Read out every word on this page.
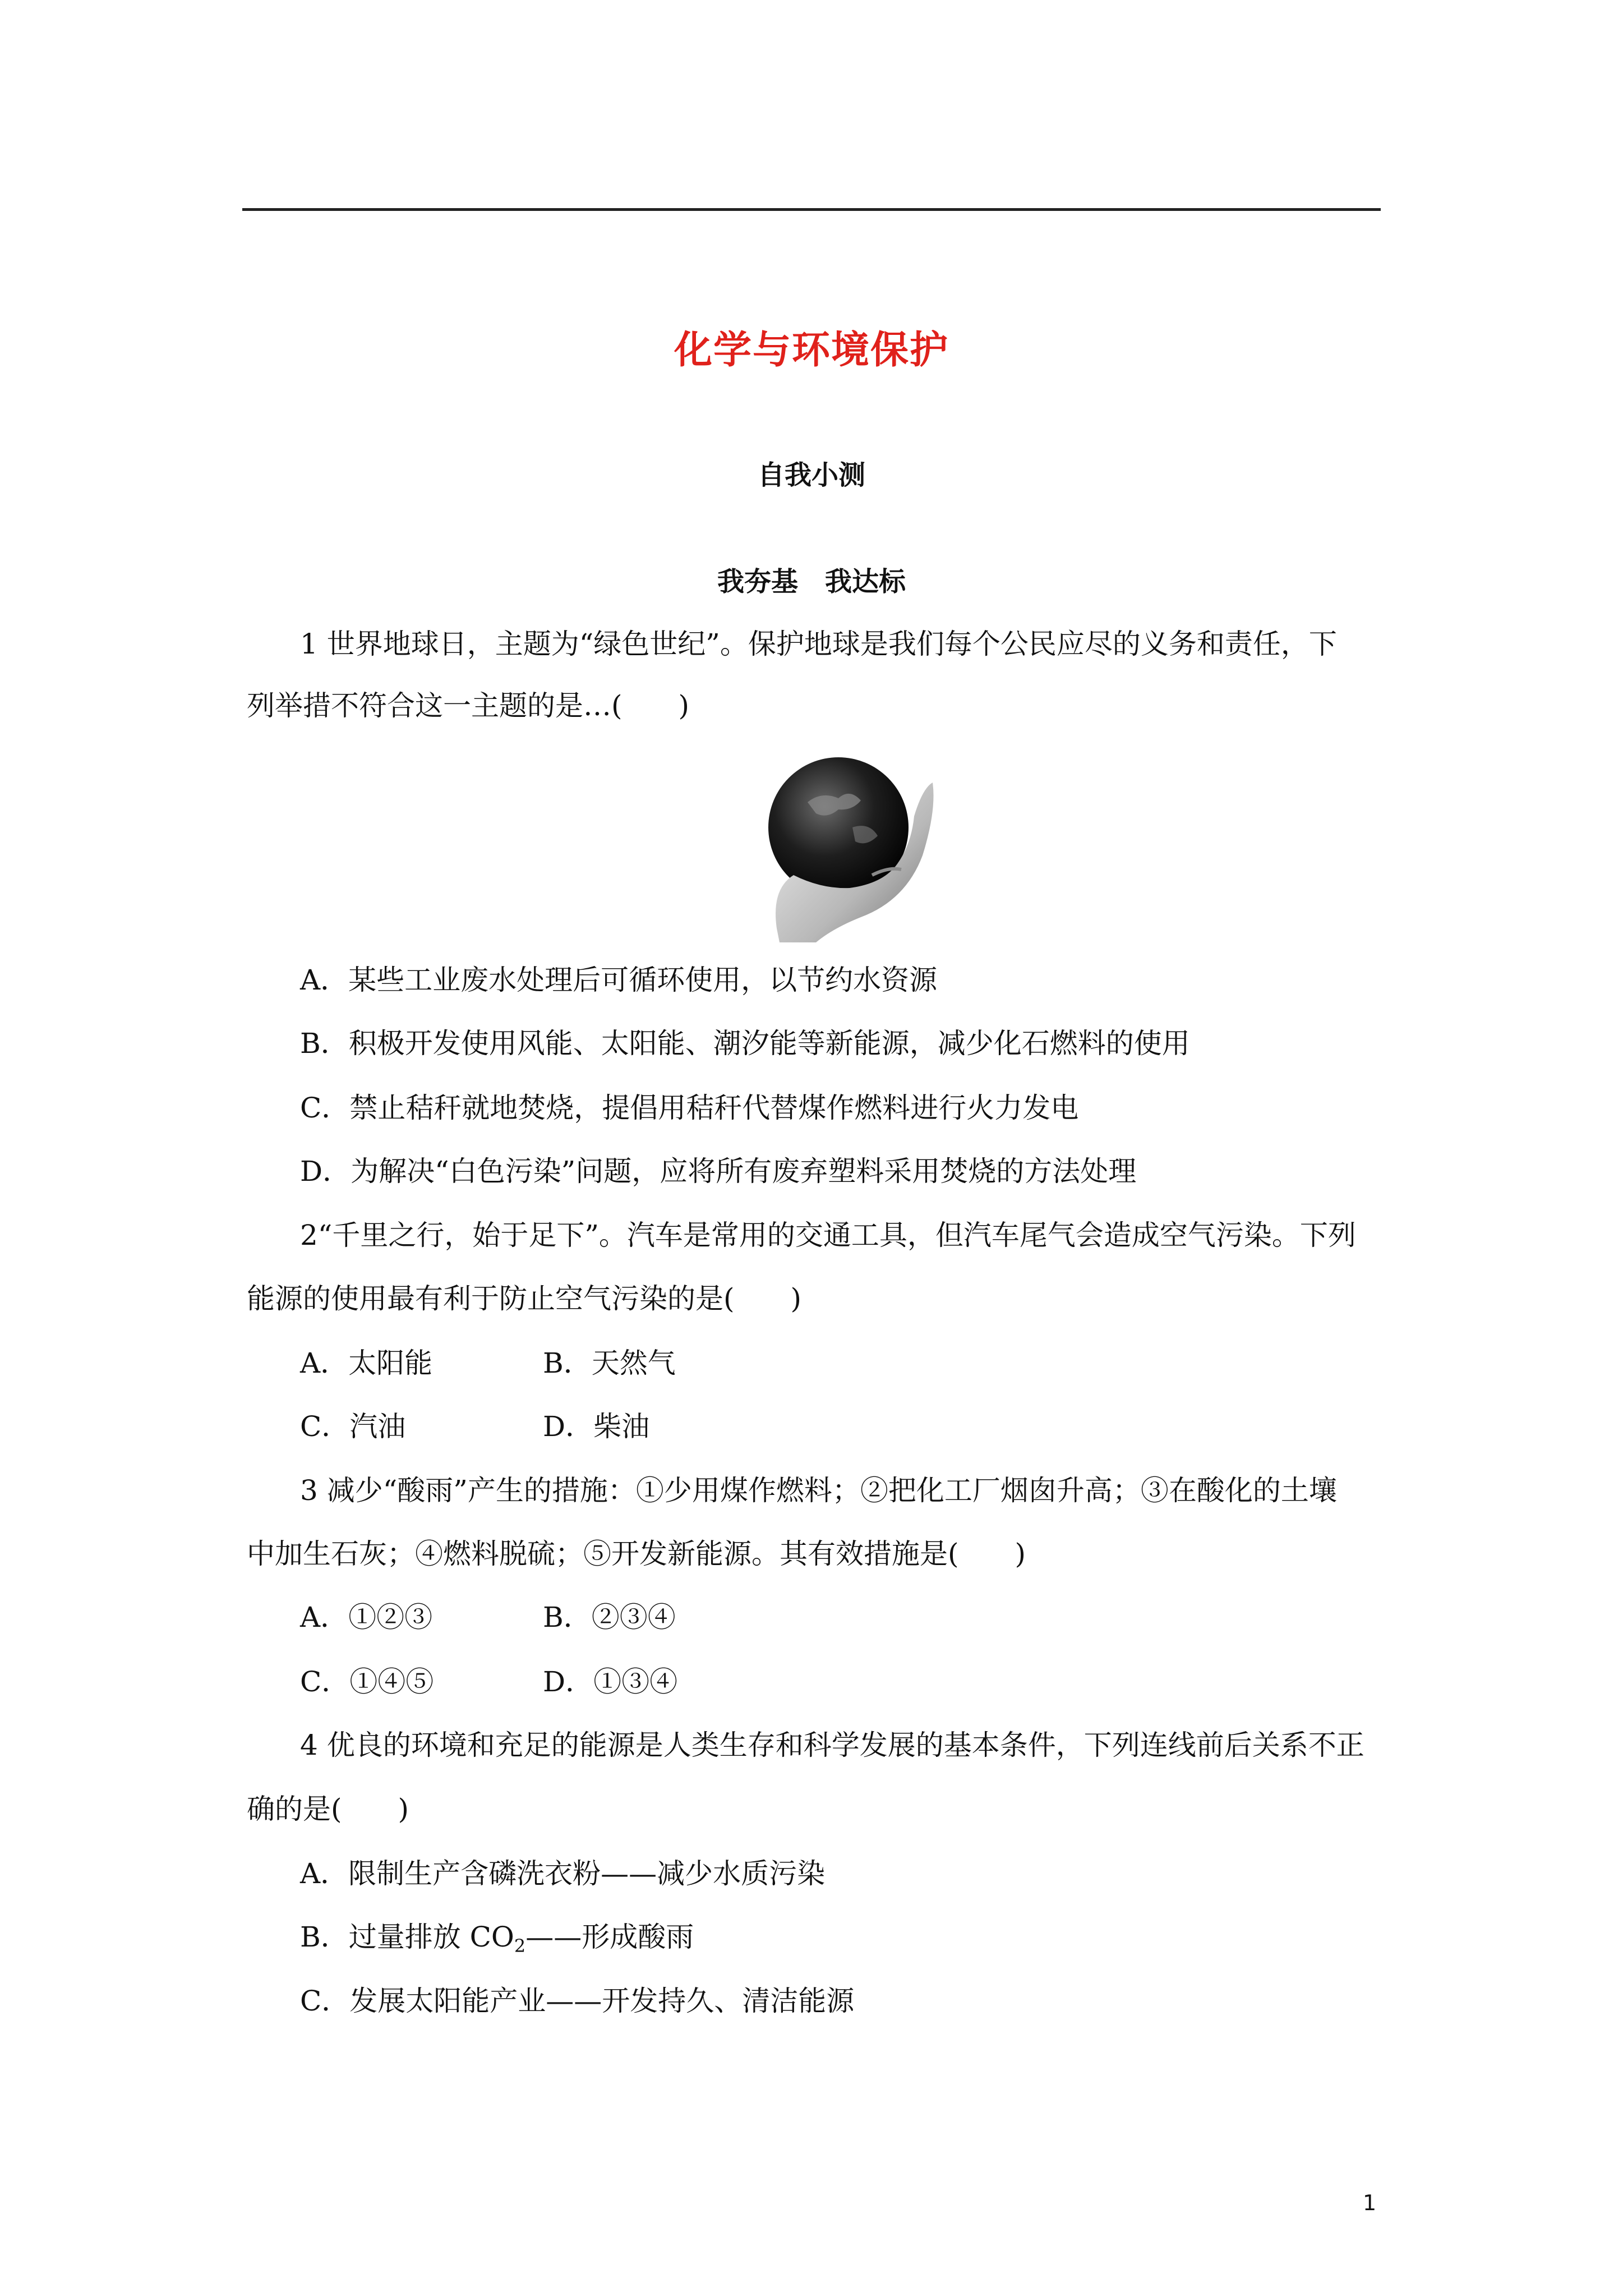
化学与环境保护
自我小测
我夯基　我达标
1 世界地球日，主题为“绿色世纪”。保护地球是我们每个公民应尽的义务和责任，下
列举措不符合这一主题的是…(　　)
A．某些工业废水处理后可循环使用，以节约水资源
B．积极开发使用风能、太阳能、潮汐能等新能源，减少化石燃料的使用
C．禁止秸秆就地焚烧，提倡用秸秆代替煤作燃料进行火力发电
D．为解决“白色污染”问题，应将所有废弃塑料采用焚烧的方法处理
2“千里之行，始于足下”。汽车是常用的交通工具，但汽车尾气会造成空气污染。下列
能源的使用最有利于防止空气污染的是(　　)
A．太阳能	B．天然气
C．汽油	D．柴油
3 减少“酸雨”产生的措施：①少用煤作燃料；②把化工厂烟囱升高；③在酸化的土壤
中加生石灰；④燃料脱硫；⑤开发新能源。其有效措施是(　　)
A．①②③	B．②③④
C．①④⑤	D．①③④
4 优良的环境和充足的能源是人类生存和科学发展的基本条件，下列连线前后关系不正
确的是(　　)
A．限制生产含磷洗衣粉——减少水质污染
B．过量排放 $CO_2——$形成酸雨
C．发展太阳能产业——开发持久、清洁能源
1
